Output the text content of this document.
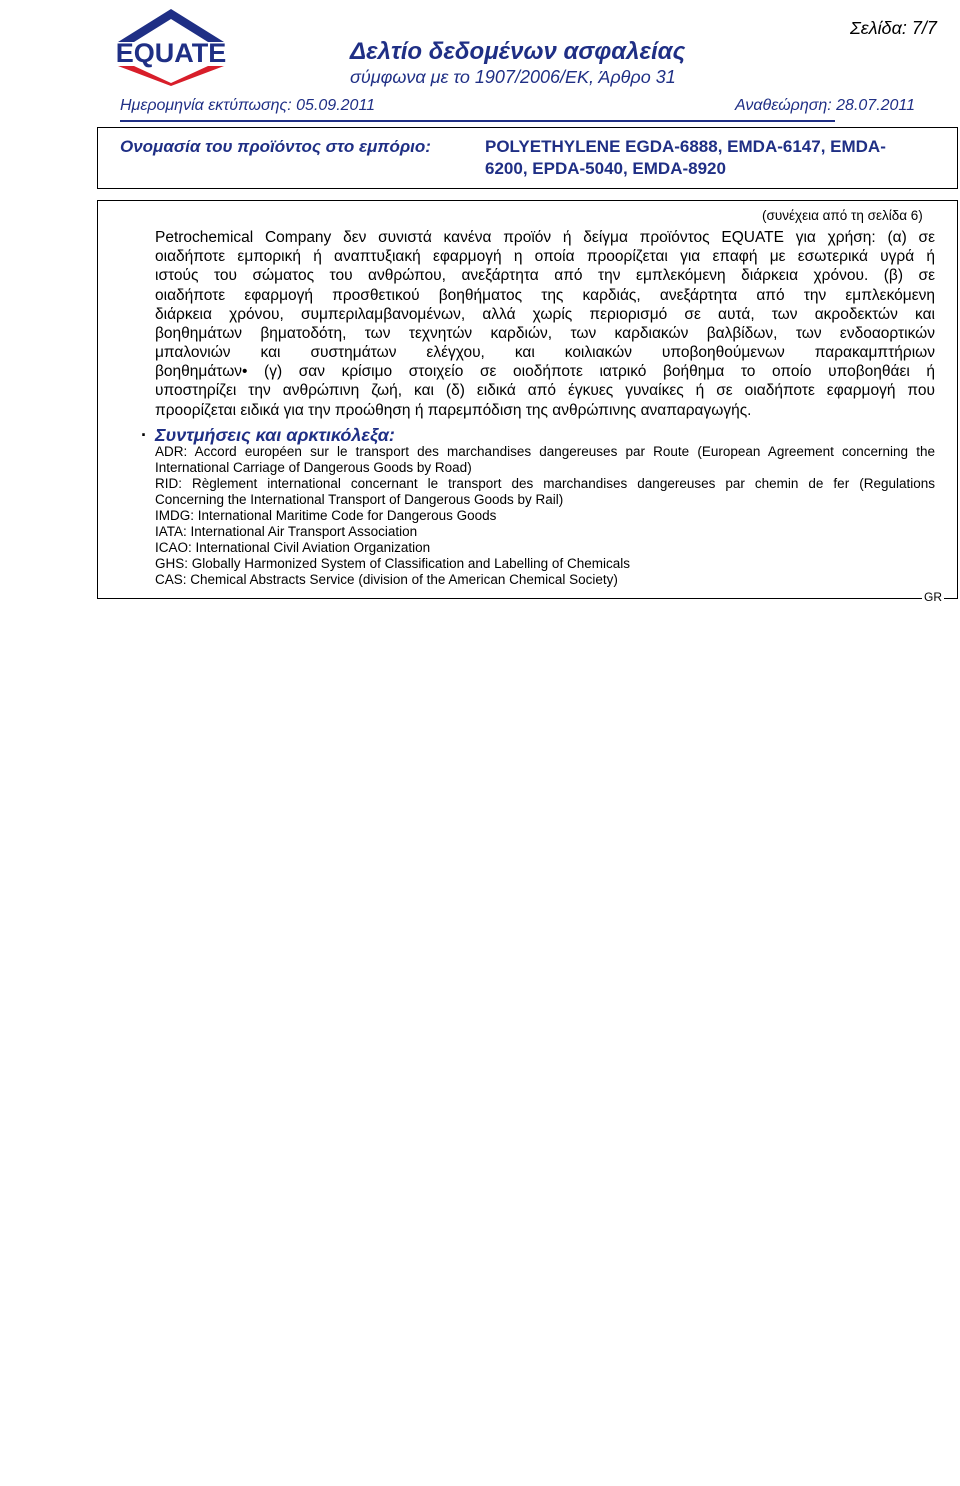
EQUATE
Σελίδα: 7/7
Δελτίο δεδομένων ασφαλείας
σύμφωνα με το 1907/2006/ΕΚ, Άρθρο 31
Ημερομηνία εκτύπωσης: 05.09.2011	Αναθεώρηση: 28.07.2011
Ονομασία του προϊόντος στο εμπόριο:	POLYETHYLENE EGDA-6888, EMDA-6147, EMDA-
6200, EPDA-5040, EMDA-8920
(συνέχεια από τη σελίδα 6)
Petrochemical Company δεν συνιστά κανένα προϊόν ή δείγμα προϊόντος EQUATE για χρήση: (α) σε
οιαδήποτε εμπορική ή αναπτυξιακή εφαρμογή η οποία προορίζεται για επαφή με εσωτερικά υγρά ή
ιστούς του σώματος του ανθρώπου, ανεξάρτητα από την εμπλεκόμενη διάρκεια χρόνου. (β) σε
οιαδήποτε εφαρμογή προσθετικού βοηθήματος της καρδιάς, ανεξάρτητα από την εμπλεκόμενη
διάρκεια χρόνου, συμπεριλαμβανομένων, αλλά χωρίς περιορισμό σε αυτά, των ακροδεκτών και
βοηθημάτων βηματοδότη, των τεχνητών καρδιών, των καρδιακών βαλβίδων, των ενδοαορτικών
μπαλονιών και συστημάτων ελέγχου, και κοιλιακών υποβοηθούμενων παρακαμπτήριων
βοηθημάτων• (γ) σαν κρίσιμο στοιχείο σε οιοδήποτε ιατρικό βοήθημα το οποίο υποβοηθάει ή
υποστηρίζει την ανθρώπινη ζωή, και (δ) ειδικά από έγκυες γυναίκες ή σε οιαδήποτε εφαρμογή που
προορίζεται ειδικά για την προώθηση ή παρεμπόδιση της ανθρώπινης αναπαραγωγής.
· Συντμήσεις και αρκτικόλεξα:
ADR: Accord européen sur le transport des marchandises dangereuses par Route (European Agreement concerning the
International Carriage of Dangerous Goods by Road)
RID: Règlement international concernant le transport des marchandises dangereuses par chemin de fer (Regulations
Concerning the International Transport of Dangerous Goods by Rail)
IMDG: International Maritime Code for Dangerous Goods
IATA: International Air Transport Association
ICAO: International Civil Aviation Organization
GHS: Globally Harmonized System of Classification and Labelling of Chemicals
CAS: Chemical Abstracts Service (division of the American Chemical Society)
GR
